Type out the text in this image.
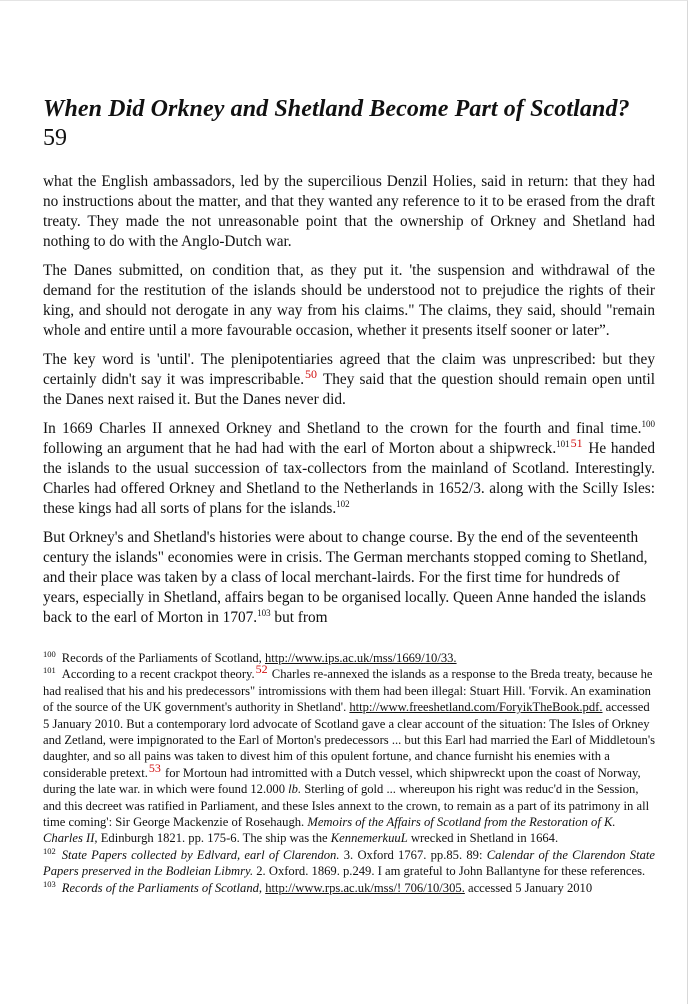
When Did Orkney and Shetland Become Part of Scotland?
59

what the English ambassadors, led by the supercilious Denzil Holies, said in return: that they had no instructions about the matter, and that they wanted any reference to it to be erased from the draft treaty. They made the not unreasonable point that the ownership of Orkney and Shetland had nothing to do with the Anglo-Dutch war.

The Danes submitted, on condition that, as they put it. 'the suspension and withdrawal of the demand for the restitution of the islands should be understood not to prejudice the rights of their king, and should not derogate in any way from his claims." The claims, they said, should "remain whole and entire until a more favourable occasion, whether it presents itself sooner or later”.

The key word is 'until'. The plenipotentiaries agreed that the claim was unprescribed: but they certainly didn't say it was imprescribable.$^{50}$ They said that the question should remain open until the Danes next raised it. But the Danes never did.

In 1669 Charles II annexed Orkney and Shetland to the crown for the fourth and final time.$^{100}$ following an argument that he had had with the earl of Morton about a shipwreck.$^{10151}$ He handed the islands to the usual succession of tax-collectors from the mainland of Scotland. Interestingly. Charles had offered Orkney and Shetland to the Netherlands in 1652/3. along with the Scilly Isles: these kings had all sorts of plans for the islands.$^{102}$

But Orkney's and Shetland's histories were about to change course. By the end of the seventeenth century the islands" economies were in crisis. The German merchants stopped coming to Shetland, and their place was taken by a class of local merchant-lairds. For the first time for hundreds of years, especially in Shetland, affairs began to be organised locally. Queen Anne handed the islands back to the earl of Morton in 1707.$^{103}$ but from

$^{100}$ Records of the Parliaments of Scotland, http://www.ips.ac.uk/mss/1669/10/33.

$^{101}$ According to a recent crackpot theory.52 Charles re-annexed the islands as a response to the Breda treaty, because he had realised that his and his predecessors" intromissions with them had been illegal: Stuart Hill. 'Forvik. An examination of the source of the UK government's authority in Shetland'. http://www.freeshetland.com/ForyikTheBook.pdf. accessed 5 January 2010. But a contemporary lord advocate of Scotland gave a clear account of the situation: The Isles of Orkney and Zetland, were impignorated to the Earl of Morton's predecessors ... but this Earl had married the Earl of Middletoun's daughter, and so all pains was taken to divest him of this opulent fortune, and chance furnisht his enemies with a considerable pretext.53 for Mortoun had intromitted with a Dutch vessel, which shipwreckt upon the coast of Norway, during the late war. in which were found 12.000 lb. Sterling of gold ... whereupon his right was reduc'd in the Session, and this decreet was ratified in Parliament, and these Isles annext to the crown, to remain as a part of its patrimony in all time coming': Sir George Mackenzie of Rosehaugh. Memoirs of the Affairs of Scotland from the Restoration of K. Charles II, Edinburgh 1821. pp. 175-6. The ship was the KennemerkuuL wrecked in Shetland in 1664.

$^{102}$ State Papers collected by Edlvard, earl of Clarendon. 3. Oxford 1767. pp.85. 89: Calendar of the Clarendon State Papers preserved in the Bodleian Libmry. 2. Oxford. 1869. p.249. I am grateful to John Ballantyne for these references.

$^{103}$ Records of the Parliaments of Scotland, http://www.rps.ac.uk/mss/! 706/10/305. accessed 5 January 2010
